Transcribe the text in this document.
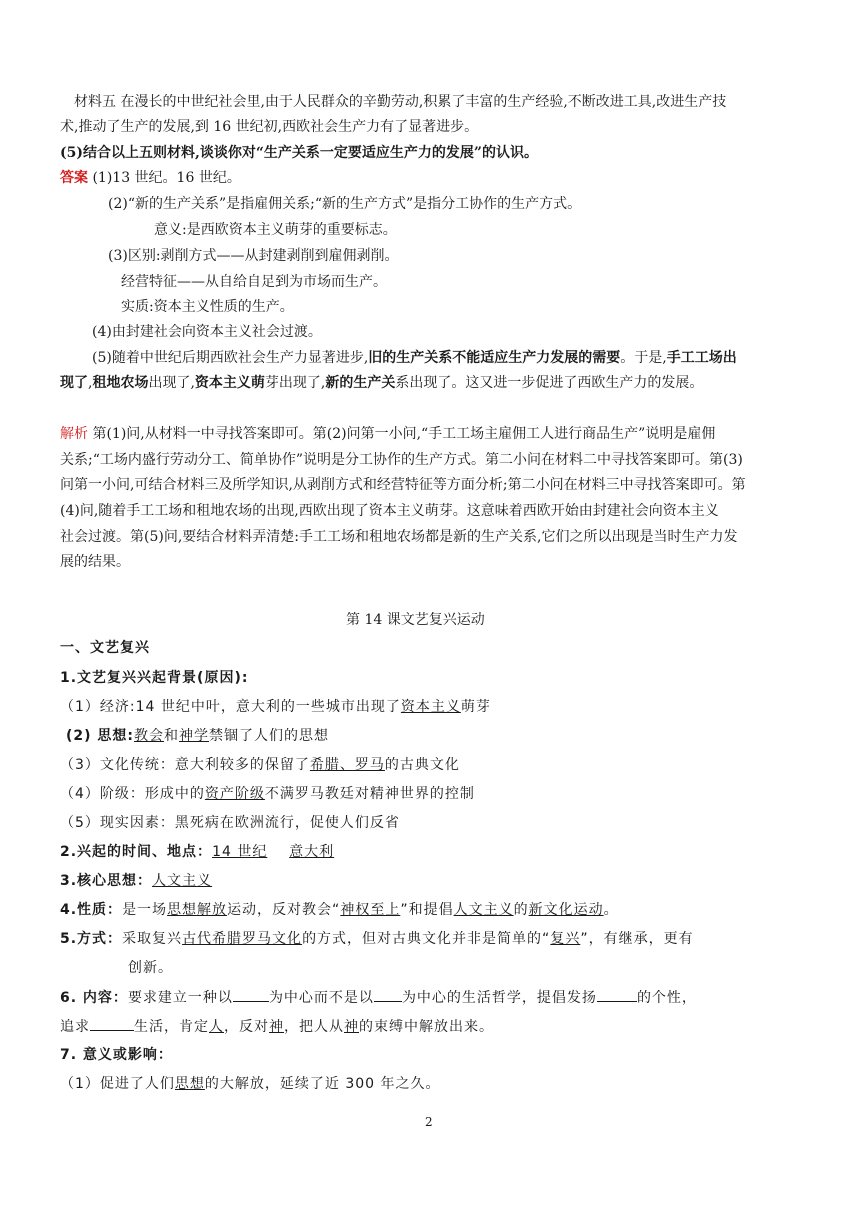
材料五 在漫长的中世纪社会里,由于人民群众的辛勤劳动,积累了丰富的生产经验,不断改进工具,改进生产技
术,推动了生产的发展,到 16 世纪初,西欧社会生产力有了显著进步。
(5)结合以上五则材料,谈谈你对“生产关系一定要适应生产力的发展”的认识。
答案 (1)13 世纪。16 世纪。
(2)“新的生产关系”是指雇佣关系;“新的生产方式”是指分工协作的生产方式。
意义:是西欧资本主义萌芽的重要标志。
(3)区别:剥削方式——从封建剥削到雇佣剥削。
经营特征——从自给自足到为市场而生产。
实质:资本主义性质的生产。
(4)由封建社会向资本主义社会过渡。
(5)随着中世纪后期西欧社会生产力显著进步,旧的生产关系不能适应生产力发展的需要。于是,手工工场出
现了,租地农场出现了,资本主义萌芽出现了,新的生产关系出现了。这又进一步促进了西欧生产力的发展。
解析 第(1)问,从材料一中寻找答案即可。第(2)问第一小问,“手工工场主雇佣工人进行商品生产”说明是雇佣
关系;“工场内盛行劳动分工、简单协作”说明是分工协作的生产方式。第二小问在材料二中寻找答案即可。第(3)
问第一小问,可结合材料三及所学知识,从剥削方式和经营特征等方面分析;第二小问在材料三中寻找答案即可。第
(4)问,随着手工工场和租地农场的出现,西欧出现了资本主义萌芽。这意味着西欧开始由封建社会向资本主义
社会过渡。第(5)问,要结合材料弄清楚:手工工场和租地农场都是新的生产关系,它们之所以出现是当时生产力发
展的结果。
第 14 课文艺复兴运动
一、文艺复兴
1.文艺复兴兴起背景(原因):
（1）经济:14 世纪中叶，意大利的一些城市出现了资本主义萌芽
(2) 思想:教会和神学禁锢了人们的思想
（3）文化传统：意大利较多的保留了希腊、罗马的古典文化
（4）阶级：形成中的资产阶级不满罗马教廷对精神世界的控制
（5）现实因素：黑死病在欧洲流行，促使人们反省
2.兴起的时间、地点：14 世纪 意大利
3.核心思想：人文主义
4.性质：是一场思想解放运动，反对教会“神权至上”和提倡人文主义的新文化运动。
5.方式：采取复兴古代希腊罗马文化的方式，但对古典文化并非是简单的“复兴”，有继承，更有
创新。
6. 内容：要求建立一种以	为中心而不是以 为中心的生活哲学，提倡发扬	的个性，
追求	生活，肯定人，反对神，把人从神的束缚中解放出来。
7. 意义或影响：
（1）促进了人们思想的大解放，延续了近 300 年之久。
2
